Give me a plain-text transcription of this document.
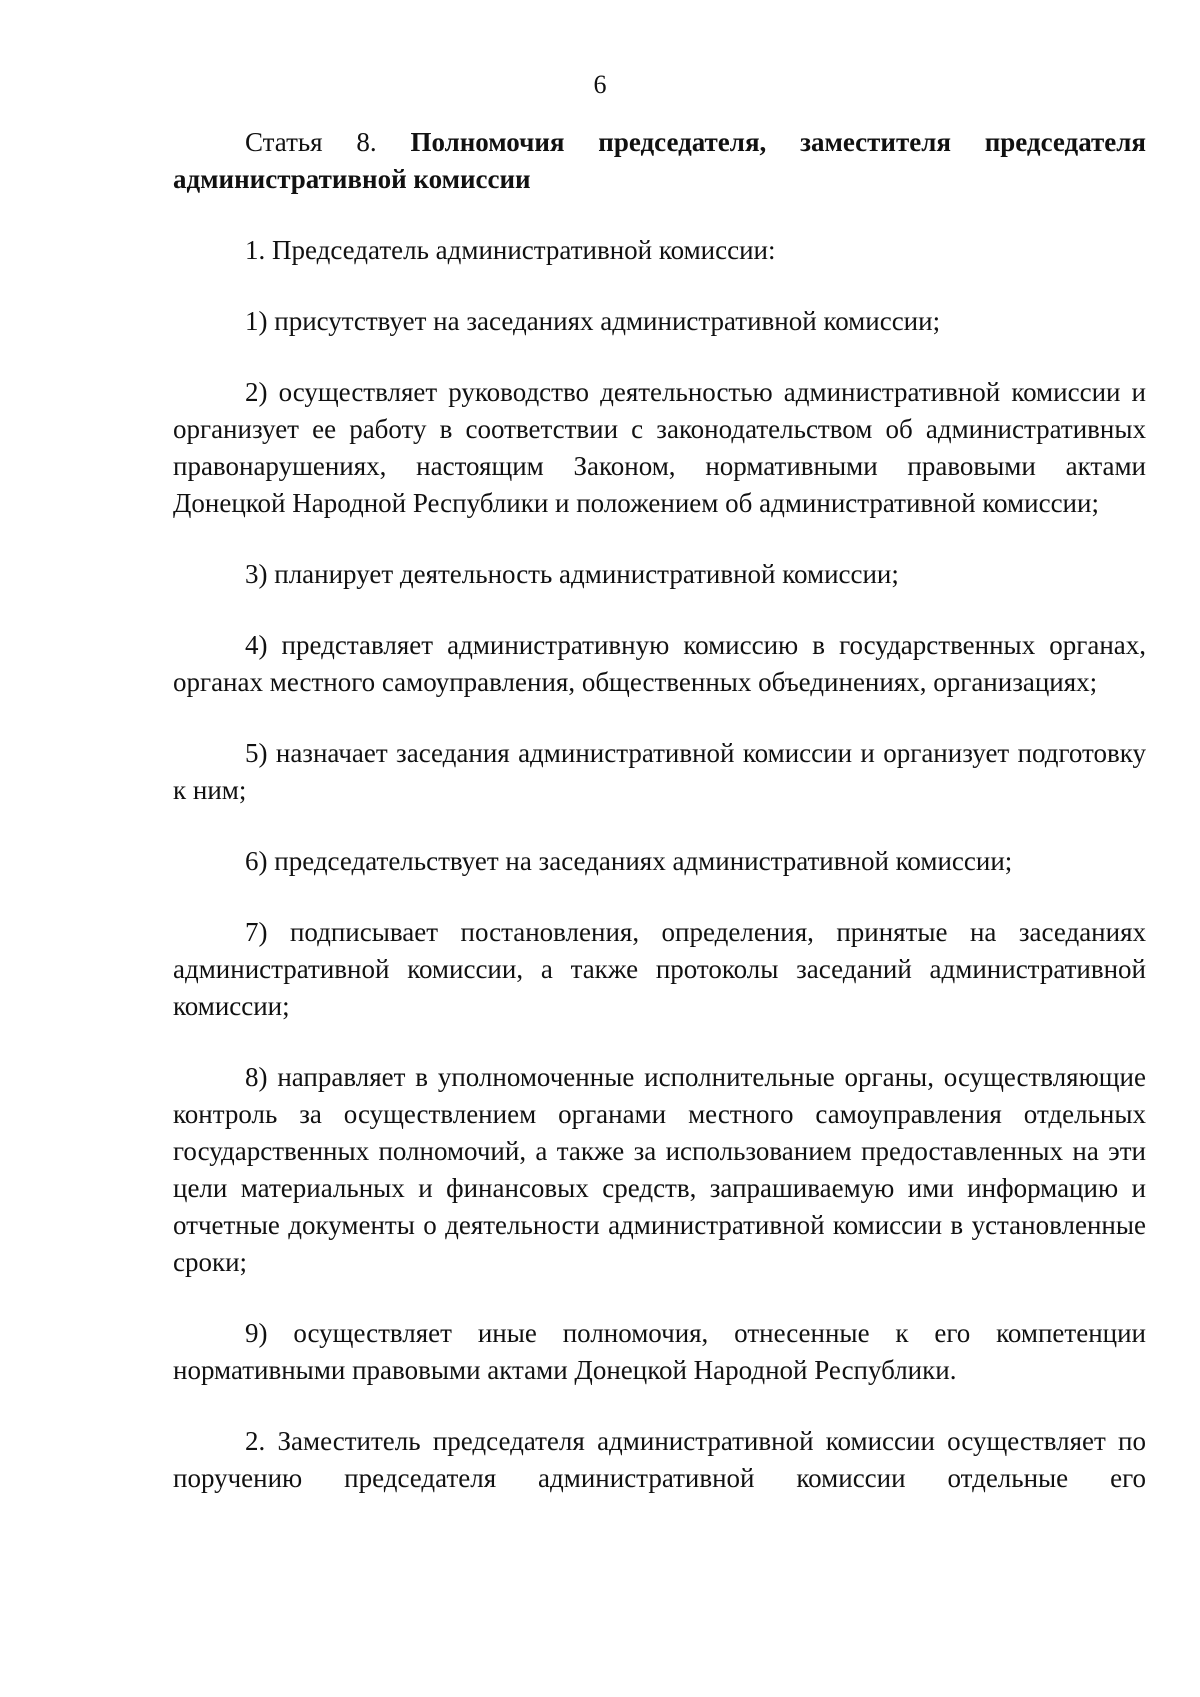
6

Статья 8. Полномочия председателя, заместителя председателя административной комиссии

1. Председатель административной комиссии:

1) присутствует на заседаниях административной комиссии;

2) осуществляет руководство деятельностью административной комиссии и организует ее работу в соответствии с законодательством об административных правонарушениях, настоящим Законом, нормативными правовыми актами Донецкой Народной Республики и положением об административной комиссии;

3) планирует деятельность административной комиссии;

4) представляет административную комиссию в государственных органах, органах местного самоуправления, общественных объединениях, организациях;

5) назначает заседания административной комиссии и организует подготовку к ним;

6) председательствует на заседаниях административной комиссии;

7) подписывает постановления, определения, принятые на заседаниях административной комиссии, а также протоколы заседаний административной комиссии;

8) направляет в уполномоченные исполнительные органы, осуществляющие контроль за осуществлением органами местного самоуправления отдельных государственных полномочий, а также за использованием предоставленных на эти цели материальных и финансовых средств, запрашиваемую ими информацию и отчетные документы о деятельности административной комиссии в установленные сроки;

9) осуществляет иные полномочия, отнесенные к его компетенции нормативными правовыми актами Донецкой Народной Республики.

2. Заместитель председателя административной комиссии осуществляет по поручению председателя административной комиссии отдельные его
